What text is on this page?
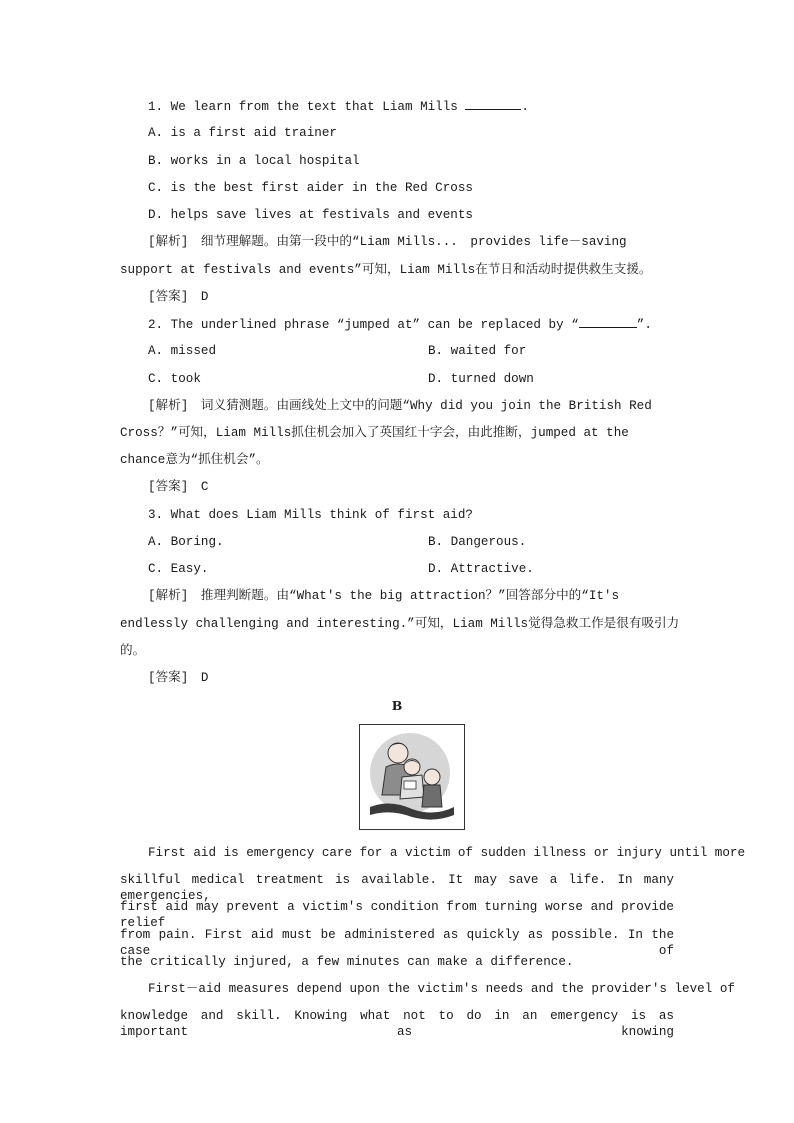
1. We learn from the text that Liam Mills	.
A. is a first aid trainer
B. works in a local hospital
C. is the best first aider in the Red Cross
D. helps save lives at festivals and events
[解析]　细节理解题。由第一段中的“Liam Mills...　provides life－saving
support at festivals and events”可知，Liam Mills在节日和活动时提供救生支援。
[答案]　D
2. The underlined phrase “jumped at” can be replaced by “	”.
A. missed	B. waited for
C. took	D. turned down
[解析]　词义猜测题。由画线处上文中的问题“Why did you join the British Red
Cross？”可知，Liam Mills抓住机会加入了英国红十字会，由此推断，jumped at the
chance意为“抓住机会”。
[答案]　C
3. What does Liam Mills think of first aid?
A. Boring.	B. Dangerous.
C. Easy.	D. Attractive.
[解析]　推理判断题。由“What's the big attraction？”回答部分中的“It's
endlessly challenging and interesting.”可知，Liam Mills觉得急救工作是很有吸引力
的。
[答案]　D
B
First aid is emergency care for a victim of sudden illness or injury until more
skillful medical treatment is available. It may save a life. In many emergencies,
first aid may prevent a victim's condition from turning worse and provide relief
from pain. First aid must be administered as quickly as possible. In the case of
the critically injured, a few minutes can make a difference.
First－aid measures depend upon the victim's needs and the provider's level of
knowledge and skill. Knowing what not to do in an emergency is as important as knowing
